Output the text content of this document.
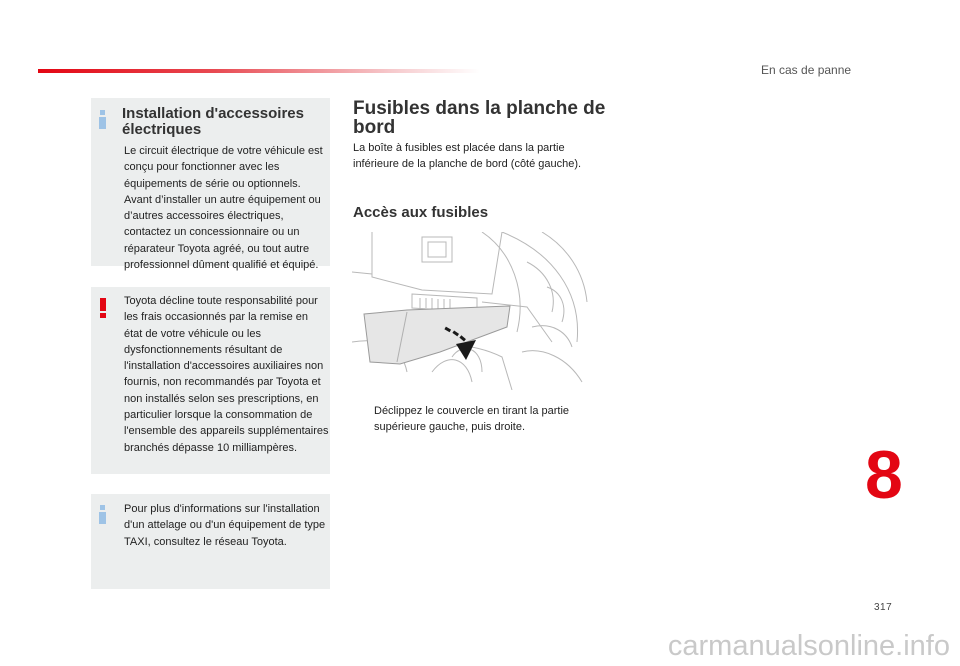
En cas de panne
Installation d'accessoires électriques
Le circuit électrique de votre véhicule est conçu pour fonctionner avec les équipements de série ou optionnels. Avant d’installer un autre équipement ou d’autres accessoires électriques, contactez un concessionnaire ou un réparateur Toyota agréé, ou tout autre professionnel dûment qualifié et équipé.
Toyota décline toute responsabilité pour les frais occasionnés par la remise en état de votre véhicule ou les dysfonctionnements résultant de l'installation d'accessoires auxiliaires non fournis, non recommandés par Toyota et non installés selon ses prescriptions, en particulier lorsque la consommation de l'ensemble des appareils supplémentaires branchés dépasse 10 milliampères.
Pour plus d'informations sur l'installation d'un attelage ou d'un équipement de type TAXI, consultez le réseau Toyota.
Fusibles dans la planche de bord
La boîte à fusibles est placée dans la partie inférieure de la planche de bord (côté gauche).
Accès aux fusibles
Déclippez le couvercle en tirant la partie supérieure gauche, puis droite.
8
317
carmanualsonline.info
